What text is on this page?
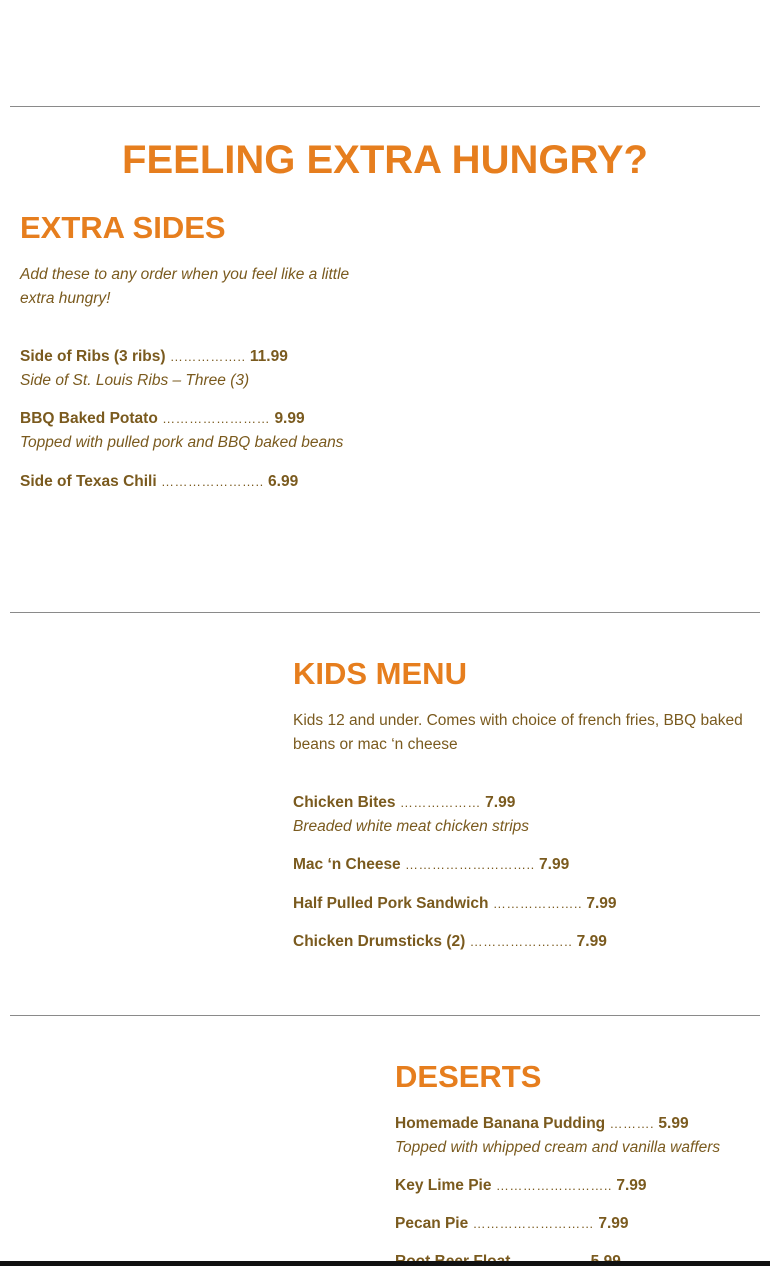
FEELING EXTRA HUNGRY?
EXTRA SIDES

Add these to any order when you feel like a little extra hungry!

Side of Ribs (3 ribs) …………….. 11.99
Side of St. Louis Ribs – Three (3)
BBQ Baked Potato …………………… 9.99
Topped with pulled pork and BBQ baked beans
Side of Texas Chili ………………….. 6.99
KIDS MENU

Kids 12 and under. Comes with choice of french fries, BBQ baked beans or mac ‘n cheese

Chicken Bites ……………… 7.99
Breaded white meat chicken strips
Mac ‘n Cheese ……………………….. 7.99
Half Pulled Pork Sandwich ……………….. 7.99
Chicken Drumsticks (2) ………………….. 7.99
DESERTS
Homemade Banana Pudding ………. 5.99
Topped with whipped cream and vanilla waffers
Key Lime Pie …………………….. 7.99
Pecan Pie ……………………… 7.99
